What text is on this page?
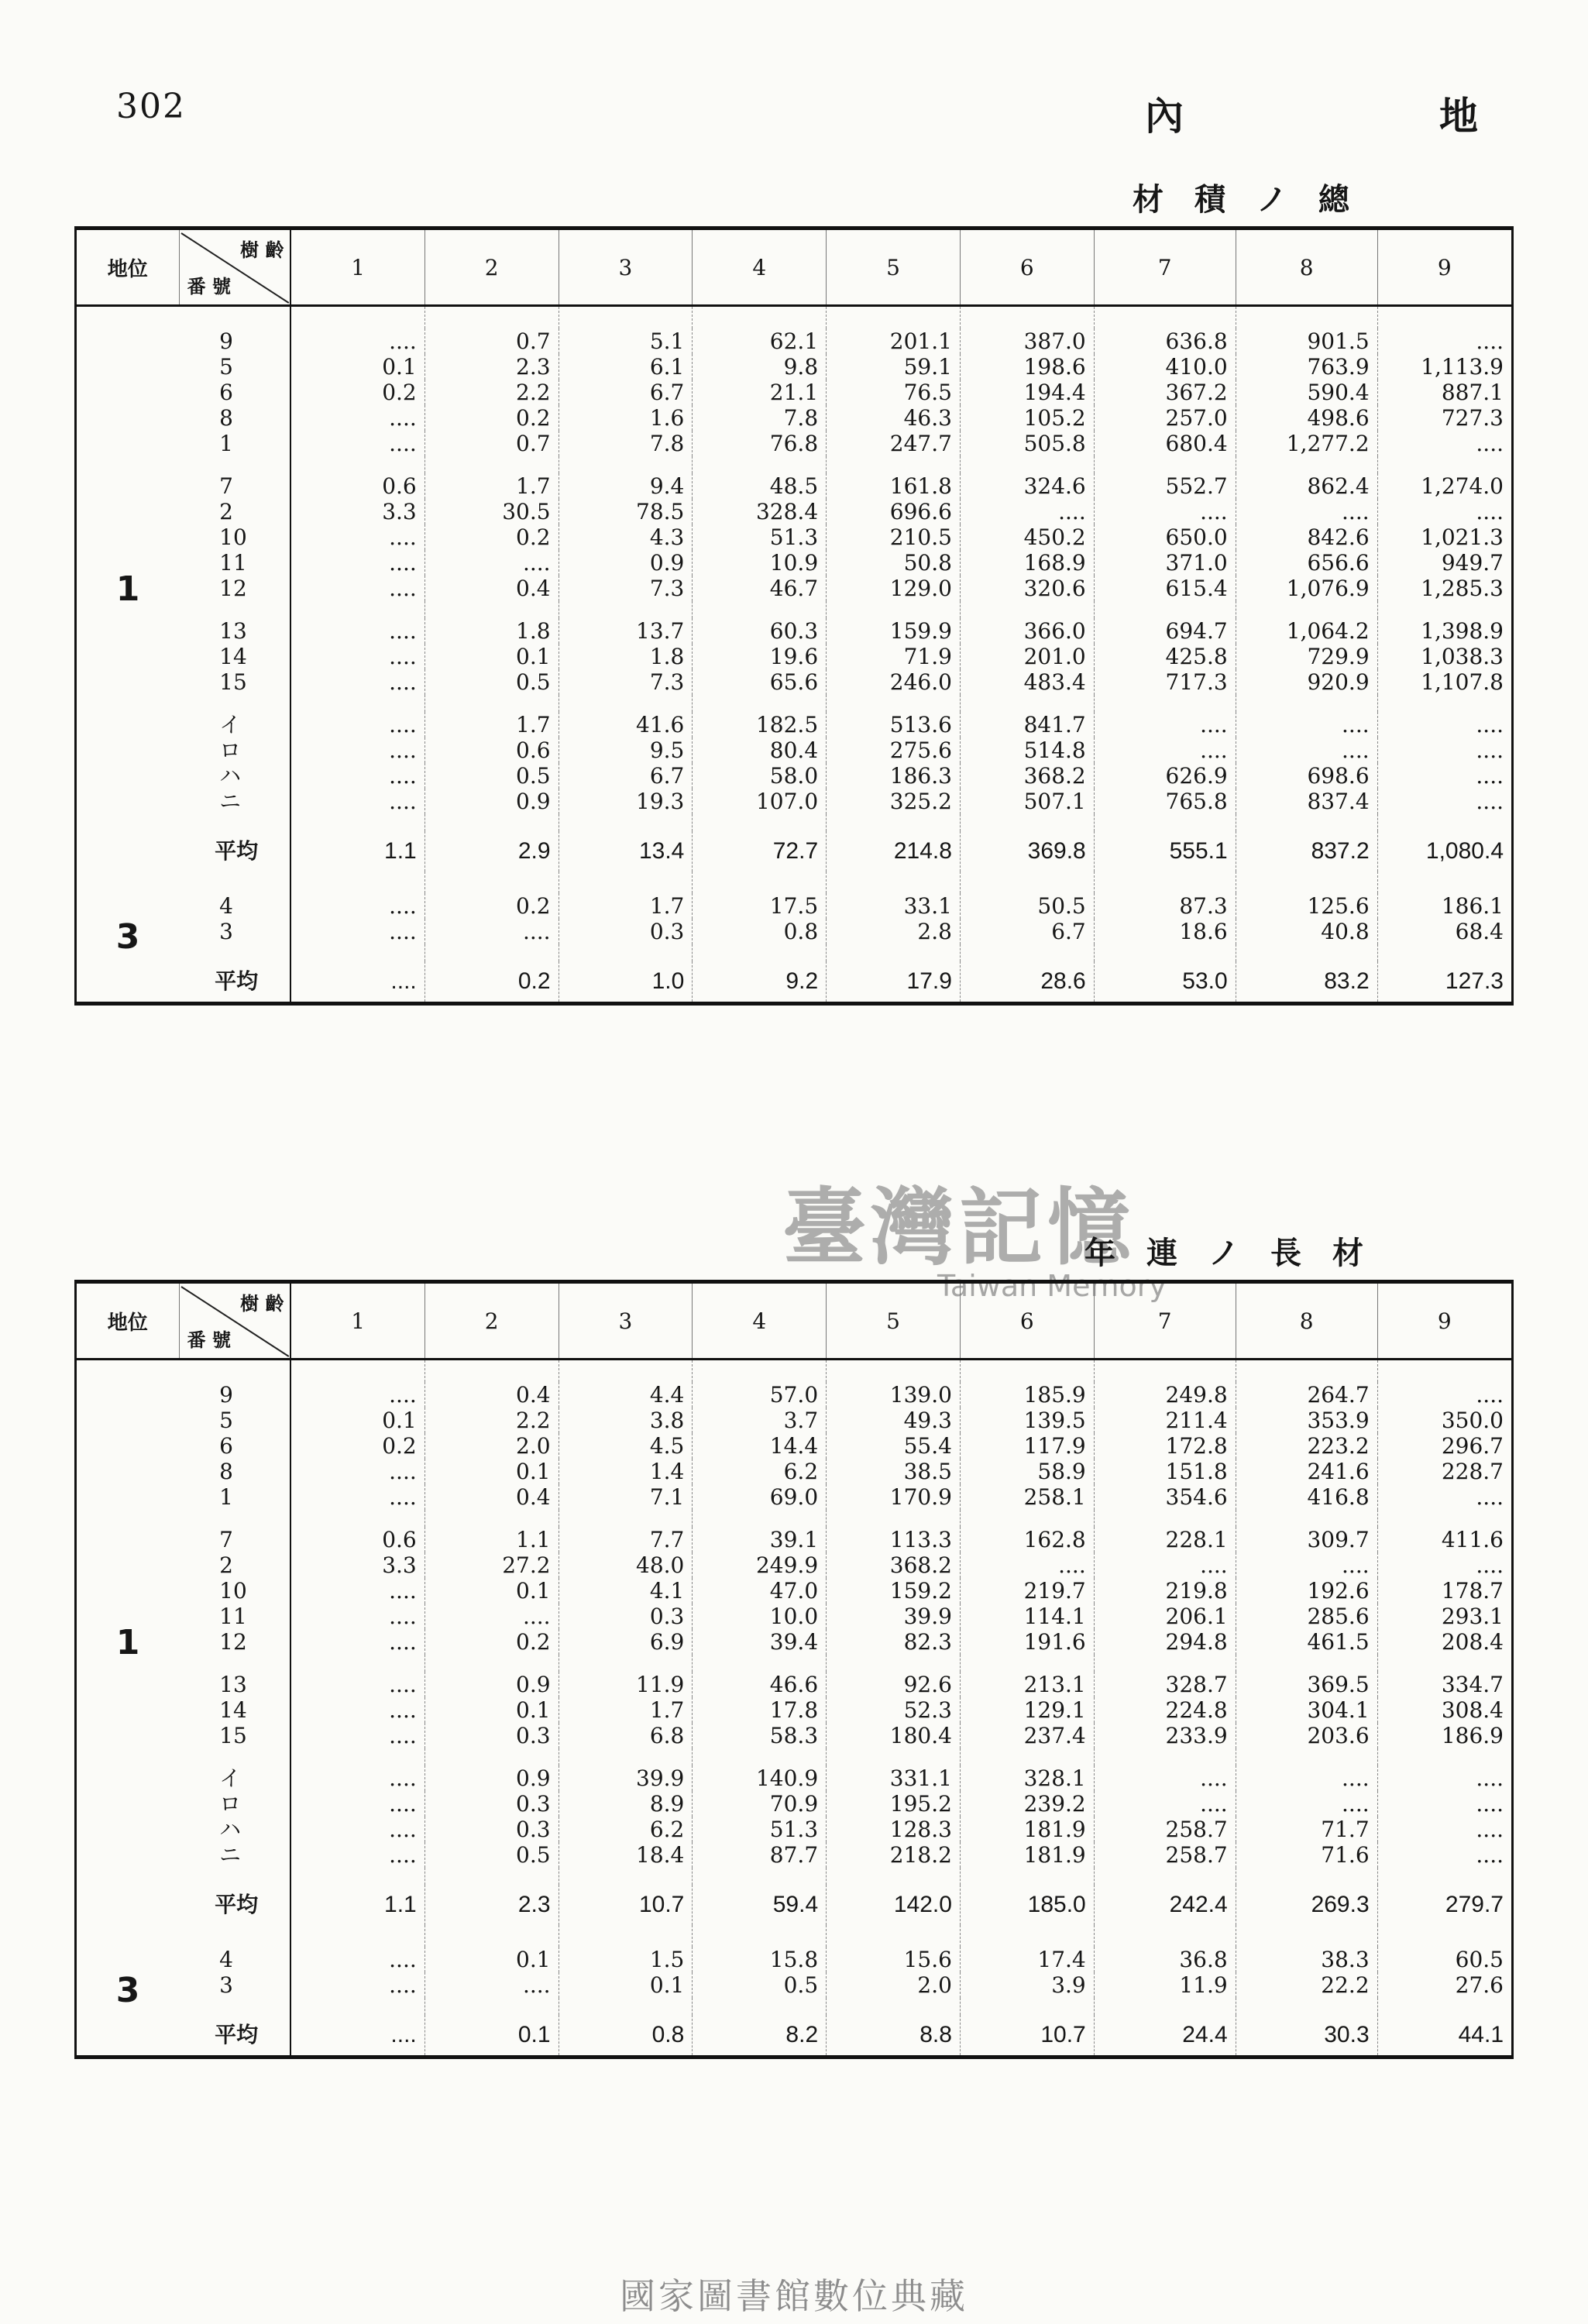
302	內	地
材　積　ノ　總
地位	樹 齡
番 號	1	2	3	4	5	6	7	8	9
1										
	9	....	0.7	5.1	62.1	201.1	387.0	636.8	901.5	....
	5	0.1	2.3	6.1	9.8	59.1	198.6	410.0	763.9	1,113.9
	6	0.2	2.2	6.7	21.1	76.5	194.4	367.2	590.4	887.1
	8	....	0.2	1.6	7.8	46.3	105.2	257.0	498.6	727.3
	1	....	0.7	7.8	76.8	247.7	505.8	680.4	1,277.2	....

	7	0.6	1.7	9.4	48.5	161.8	324.6	552.7	862.4	1,274.0
	2	3.3	30.5	78.5	328.4	696.6	....	....	....	....
	10	....	0.2	4.3	51.3	210.5	450.2	650.0	842.6	1,021.3
	11	....	....	0.9	10.9	50.8	168.9	371.0	656.6	949.7
	12	....	0.4	7.3	46.7	129.0	320.6	615.4	1,076.9	1,285.3

	13	....	1.8	13.7	60.3	159.9	366.0	694.7	1,064.2	1,398.9
	14	....	0.1	1.8	19.6	71.9	201.0	425.8	729.9	1,038.3
	15	....	0.5	7.3	65.6	246.0	483.4	717.3	920.9	1,107.8

	イ	....	1.7	41.6	182.5	513.6	841.7	....	....	....
	ロ	....	0.6	9.5	80.4	275.6	514.8	....	....	....
	ハ	....	0.5	6.7	58.0	186.3	368.2	626.9	698.6	....
	ニ	....	0.9	19.3	107.0	325.2	507.1	765.8	837.4	....

	平均	1.1	2.9	13.4	72.7	214.8	369.8	555.1	837.2	1,080.4
3										
	4	....	0.2	1.7	17.5	33.1	50.5	87.3	125.6	186.1
	3	....	....	0.3	0.8	2.8	6.7	18.6	40.8	68.4

	平均	....	0.2	1.0	9.2	17.9	28.6	53.0	83.2	127.3
臺灣記憶
Taiwan Memory
年　連　ノ　長　材
地位	樹 齡
番 號	1	2	3	4	5	6	7	8	9
1										
	9	....	0.4	4.4	57.0	139.0	185.9	249.8	264.7	....
	5	0.1	2.2	3.8	3.7	49.3	139.5	211.4	353.9	350.0
	6	0.2	2.0	4.5	14.4	55.4	117.9	172.8	223.2	296.7
	8	....	0.1	1.4	6.2	38.5	58.9	151.8	241.6	228.7
	1	....	0.4	7.1	69.0	170.9	258.1	354.6	416.8	....

	7	0.6	1.1	7.7	39.1	113.3	162.8	228.1	309.7	411.6
	2	3.3	27.2	48.0	249.9	368.2	....	....	....	....
	10	....	0.1	4.1	47.0	159.2	219.7	219.8	192.6	178.7
	11	....	....	0.3	10.0	39.9	114.1	206.1	285.6	293.1
	12	....	0.2	6.9	39.4	82.3	191.6	294.8	461.5	208.4

	13	....	0.9	11.9	46.6	92.6	213.1	328.7	369.5	334.7
	14	....	0.1	1.7	17.8	52.3	129.1	224.8	304.1	308.4
	15	....	0.3	6.8	58.3	180.4	237.4	233.9	203.6	186.9

	イ	....	0.9	39.9	140.9	331.1	328.1	....	....	....
	ロ	....	0.3	8.9	70.9	195.2	239.2	....	....	....
	ハ	....	0.3	6.2	51.3	128.3	181.9	258.7	71.7	....
	ニ	....	0.5	18.4	87.7	218.2	181.9	258.7	71.6	....

	平均	1.1	2.3	10.7	59.4	142.0	185.0	242.4	269.3	279.7
3										
	4	....	0.1	1.5	15.8	15.6	17.4	36.8	38.3	60.5
	3	....	....	0.1	0.5	2.0	3.9	11.9	22.2	27.6

	平均	....	0.1	0.8	8.2	8.8	10.7	24.4	30.3	44.1
國家圖書館數位典藏
